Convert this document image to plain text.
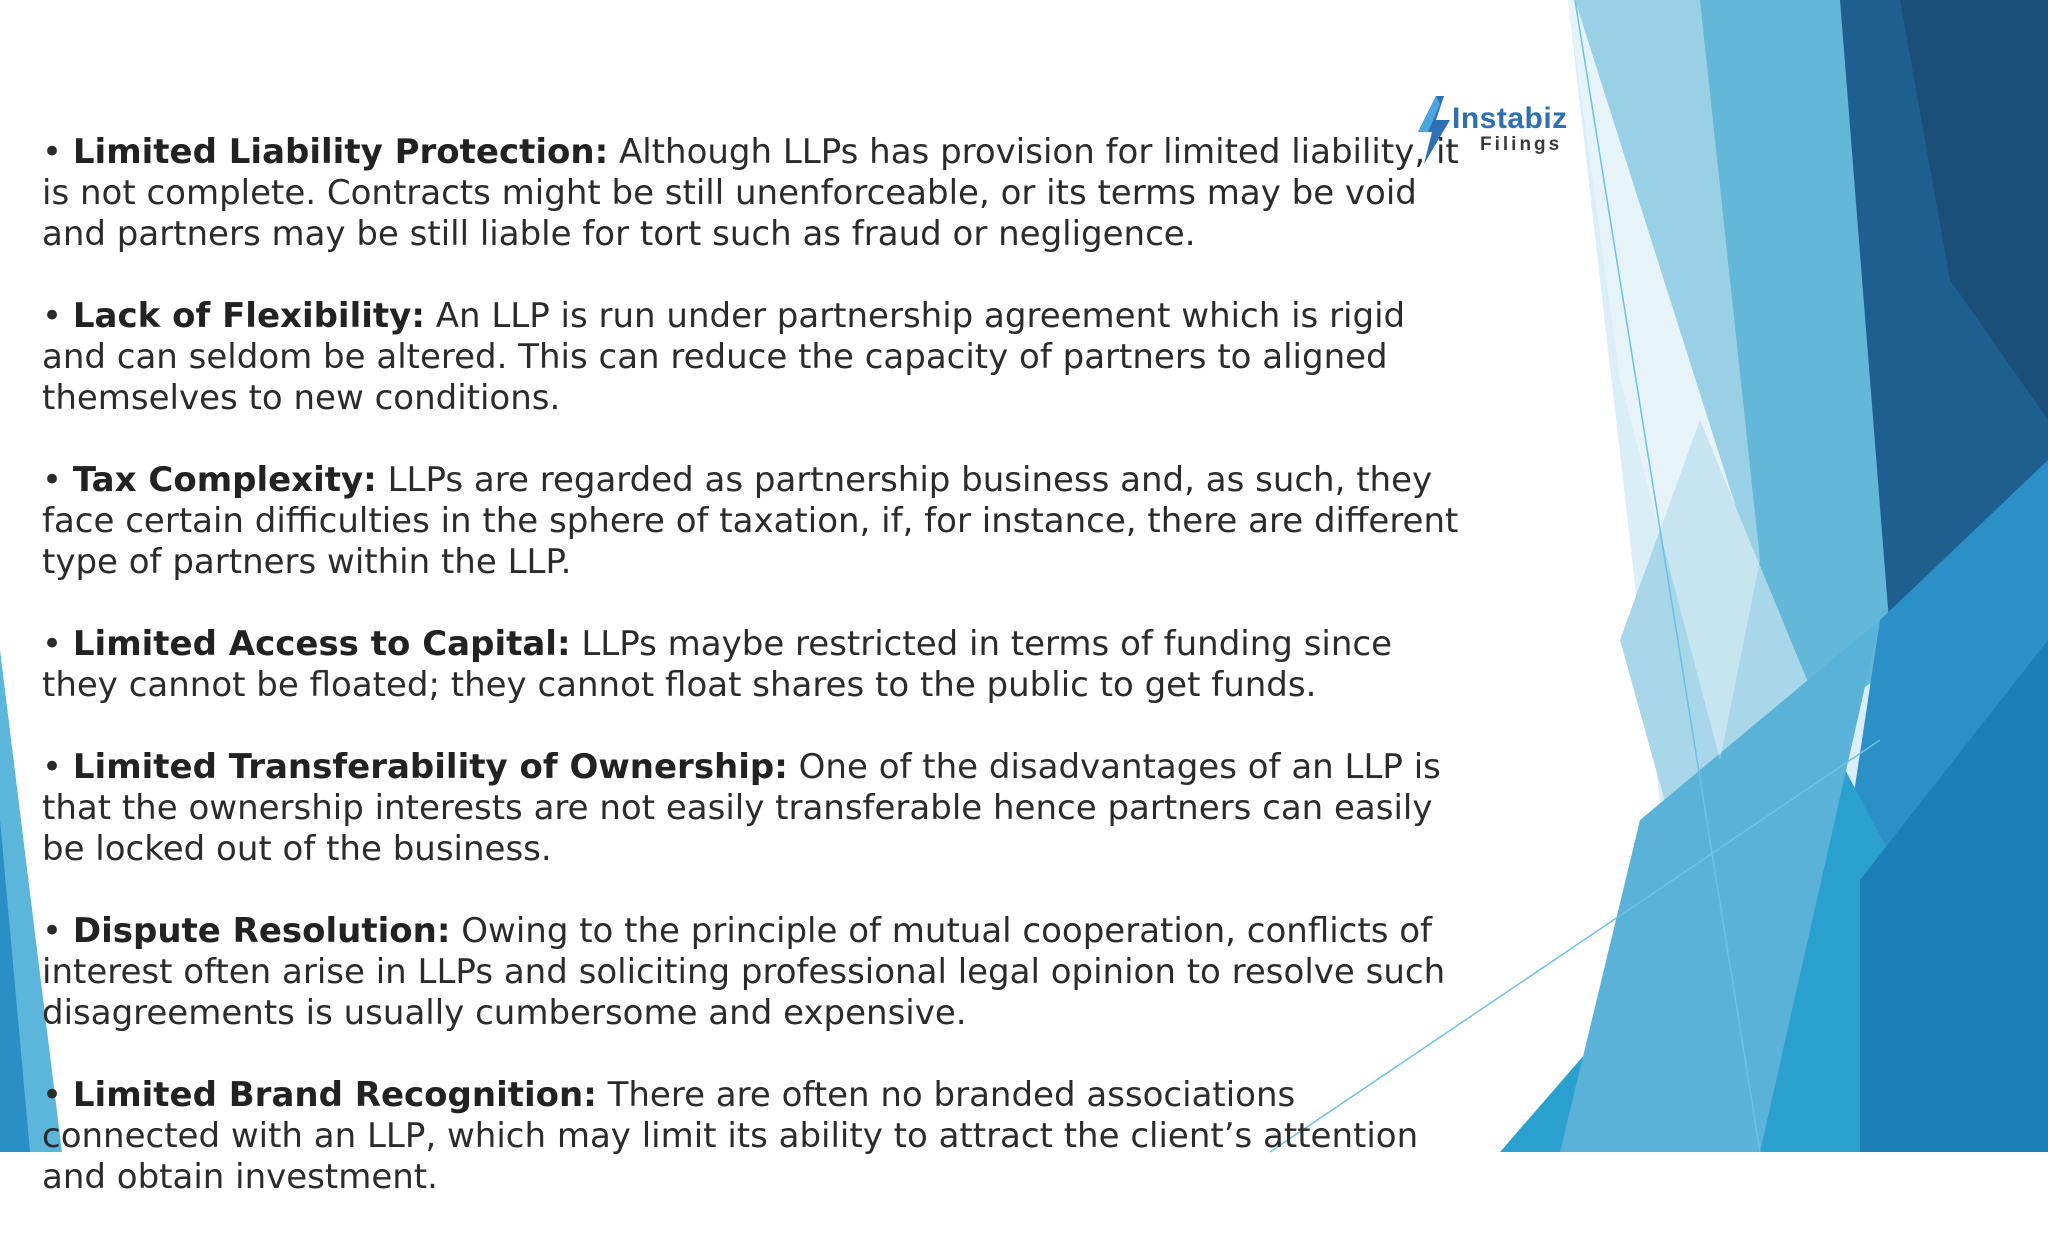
Instabiz
Filings
• Limited Liability Protection: Although LLPs has provision for limited liability, it is not complete. Contracts might be still unenforceable, or its terms may be void and partners may be still liable for tort such as fraud or negligence.
• Lack of Flexibility: An LLP is run under partnership agreement which is rigid and can seldom be altered. This can reduce the capacity of partners to aligned themselves to new conditions.
• Tax Complexity: LLPs are regarded as partnership business and, as such, they face certain difficulties in the sphere of taxation, if, for instance, there are different type of partners within the LLP.
• Limited Access to Capital: LLPs maybe restricted in terms of funding since they cannot be floated; they cannot float shares to the public to get funds.
• Limited Transferability of Ownership: One of the disadvantages of an LLP is that the ownership interests are not easily transferable hence partners can easily be locked out of the business.
• Dispute Resolution: Owing to the principle of mutual cooperation, conflicts of interest often arise in LLPs and soliciting professional legal opinion to resolve such disagreements is usually cumbersome and expensive.
• Limited Brand Recognition: There are often no branded associations connected with an LLP, which may limit its ability to attract the client’s attention and obtain investment.
